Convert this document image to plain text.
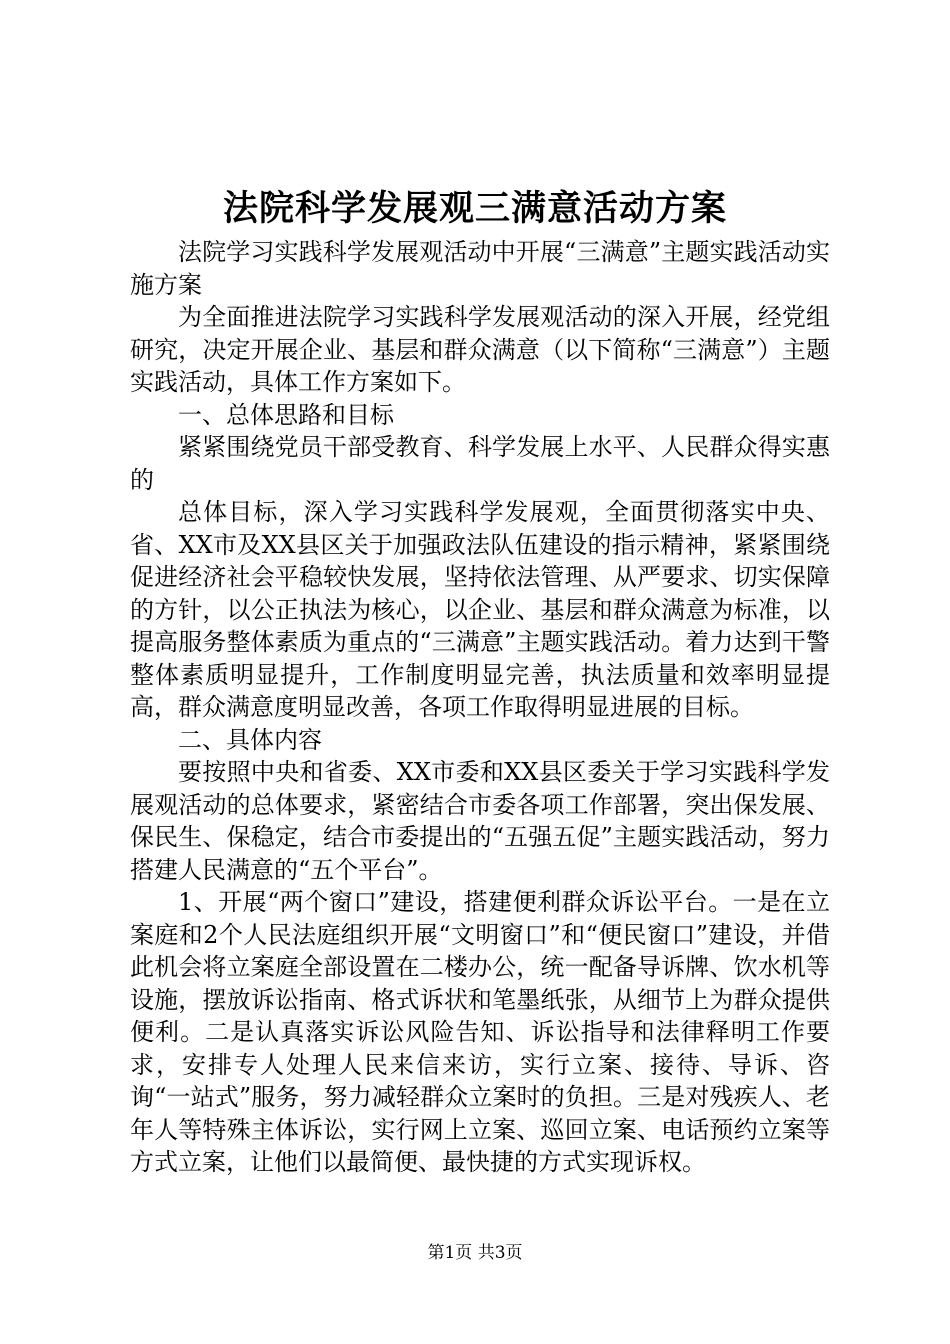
法院科学发展观三满意活动方案

法院学习实践科学发展观活动中开展“三满意”主题实践活动实施方案

为全面推进法院学习实践科学发展观活动的深入开展，经党组研究，决定开展企业、基层和群众满意（以下简称“三满意”）主题实践活动，具体工作方案如下。

一、总体思路和目标

紧紧围绕党员干部受教育、科学发展上水平、人民群众得实惠的

总体目标，深入学习实践科学发展观，全面贯彻落实中央、省、XX市及XX县区关于加强政法队伍建设的指示精神，紧紧围绕促进经济社会平稳较快发展，坚持依法管理、从严要求、切实保障的方针，以公正执法为核心，以企业、基层和群众满意为标准，以提高服务整体素质为重点的“三满意”主题实践活动。着力达到干警整体素质明显提升，工作制度明显完善，执法质量和效率明显提高，群众满意度明显改善，各项工作取得明显进展的目标。

二、具体内容

要按照中央和省委、XX市委和XX县区委关于学习实践科学发展观活动的总体要求，紧密结合市委各项工作部署，突出保发展、保民生、保稳定，结合市委提出的“五强五促”主题实践活动，努力搭建人民满意的“五个平台”。

1、开展“两个窗口”建设，搭建便利群众诉讼平台。一是在立案庭和2个人民法庭组织开展“文明窗口”和“便民窗口”建设，并借此机会将立案庭全部设置在二楼办公，统一配备导诉牌、饮水机等设施，摆放诉讼指南、格式诉状和笔墨纸张，从细节上为群众提供便利。二是认真落实诉讼风险告知、诉讼指导和法律释明工作要求，安排专人处理人民来信来访，实行立案、接待、导诉、咨询“一站式”服务，努力减轻群众立案时的负担。三是对残疾人、老年人等特殊主体诉讼，实行网上立案、巡回立案、电话预约立案等方式立案，让他们以最简便、最快捷的方式实现诉权。

第1页 共3页
